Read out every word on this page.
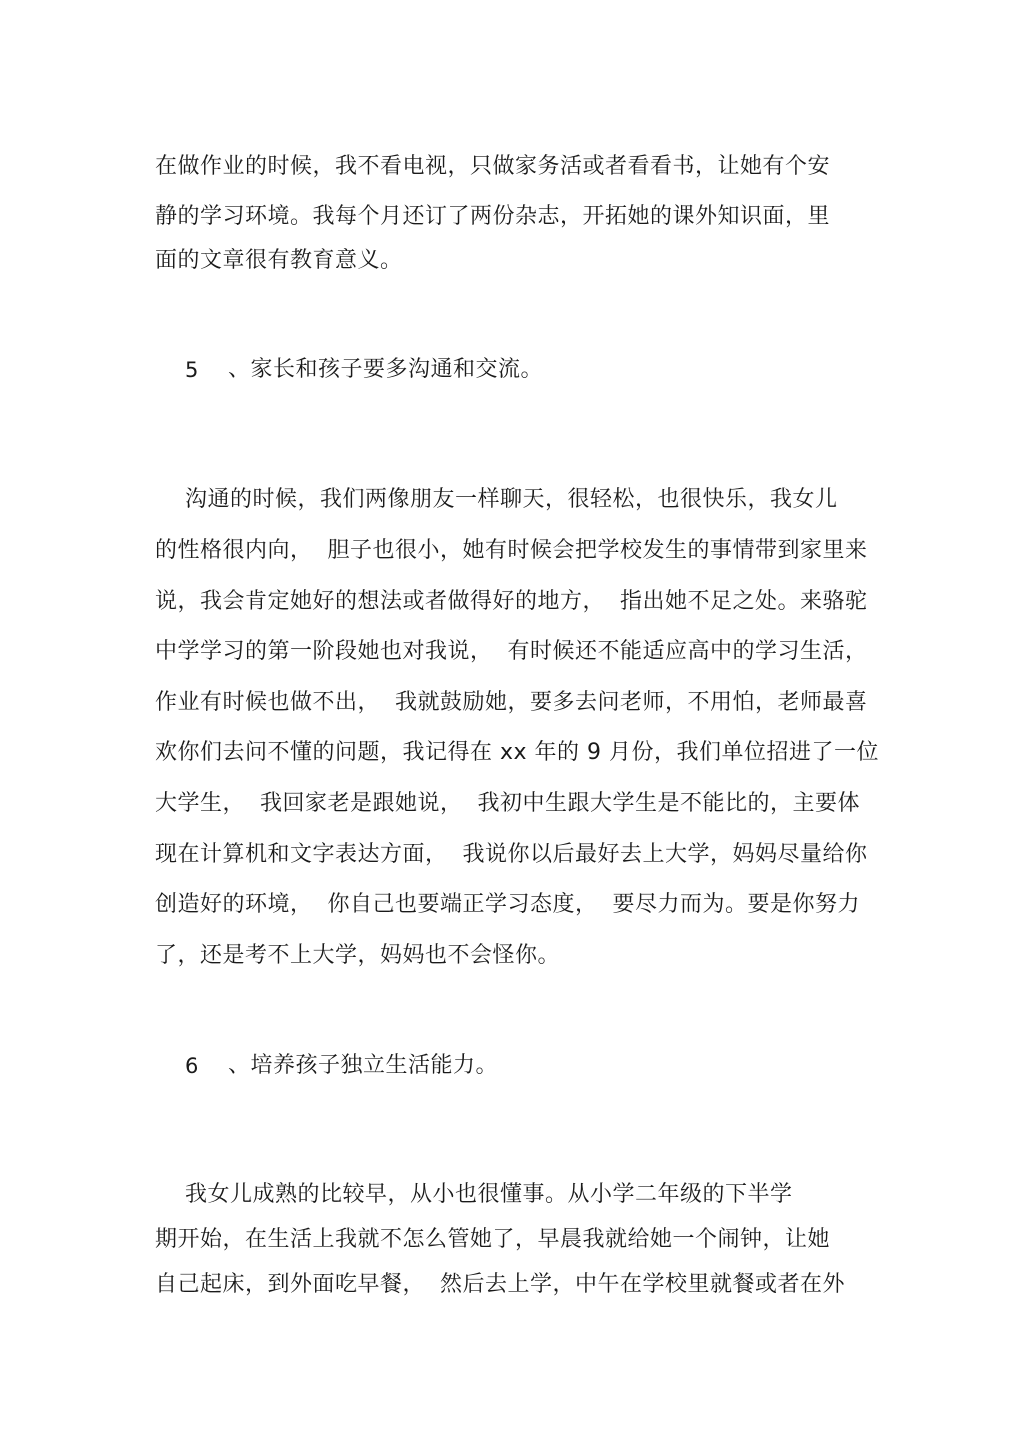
在做作业的时候，我不看电视，只做家务活或者看看书，让她有个安
静的学习环境。我每个月还订了两份杂志，开拓她的课外知识面，里
面的文章很有教育意义。
5 、家长和孩子要多沟通和交流。
沟通的时候，我们两像朋友一样聊天，很轻松，也很快乐，我女儿
的性格很内向，  胆子也很小，她有时候会把学校发生的事情带到家里来
说，我会肯定她好的想法或者做得好的地方，  指出她不足之处。来骆驼
中学学习的第一阶段她也对我说，  有时候还不能适应高中的学习生活，
作业有时候也做不出，  我就鼓励她，要多去问老师，不用怕，老师最喜
欢你们去问不懂的问题，我记得在 xx 年的 9 月份，我们单位招进了一位
大学生，  我回家老是跟她说，  我初中生跟大学生是不能比的，主要体
现在计算机和文字表达方面，  我说你以后最好去上大学，妈妈尽量给你
创造好的环境，  你自己也要端正学习态度，  要尽力而为。要是你努力
了，还是考不上大学，妈妈也不会怪你。
6 、培养孩子独立生活能力。
我女儿成熟的比较早，从小也很懂事。从小学二年级的下半学
期开始，在生活上我就不怎么管她了，早晨我就给她一个闹钟，让她
自己起床，到外面吃早餐，  然后去上学，中午在学校里就餐或者在外
